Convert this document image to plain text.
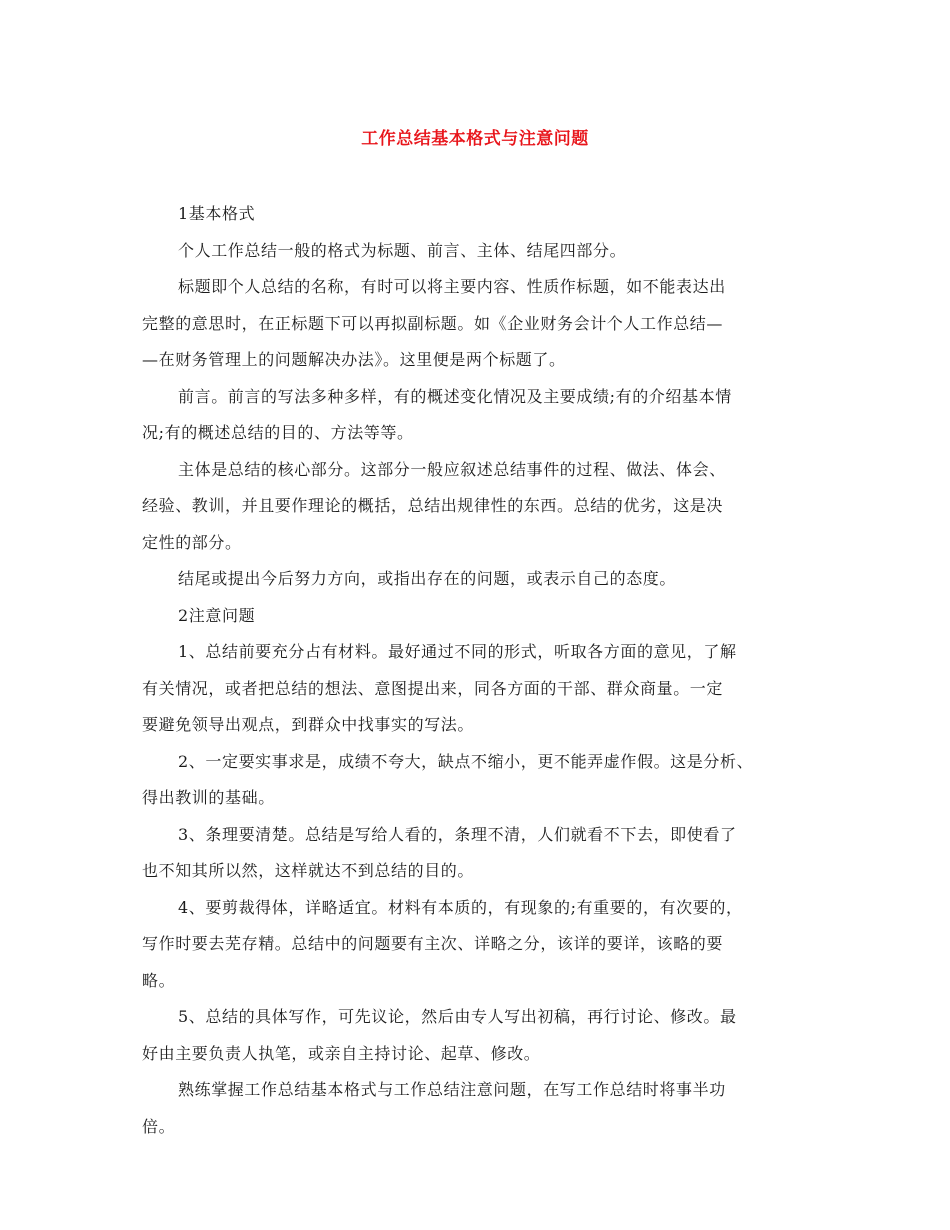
工作总结基本格式与注意问题
1基本格式
个人工作总结一般的格式为标题、前言、主体、结尾四部分。
标题即个人总结的名称，有时可以将主要内容、性质作标题，如不能表达出
完整的意思时，在正标题下可以再拟副标题。如《企业财务会计个人工作总结—
—在财务管理上的问题解决办法》。这里便是两个标题了。
前言。前言的写法多种多样，有的概述变化情况及主要成绩;有的介绍基本情
况;有的概述总结的目的、方法等等。
主体是总结的核心部分。这部分一般应叙述总结事件的过程、做法、体会、
经验、教训，并且要作理论的概括，总结出规律性的东西。总结的优劣，这是决
定性的部分。
结尾或提出今后努力方向，或指出存在的问题，或表示自己的态度。
2注意问题
1、总结前要充分占有材料。最好通过不同的形式，听取各方面的意见，了解
有关情况，或者把总结的想法、意图提出来，同各方面的干部、群众商量。一定
要避免领导出观点，到群众中找事实的写法。
2、一定要实事求是，成绩不夸大，缺点不缩小，更不能弄虚作假。这是分析、
得出教训的基础。
3、条理要清楚。总结是写给人看的，条理不清，人们就看不下去，即使看了
也不知其所以然，这样就达不到总结的目的。
4、要剪裁得体，详略适宜。材料有本质的，有现象的;有重要的，有次要的，
写作时要去芜存精。总结中的问题要有主次、详略之分，该详的要详，该略的要
略。
5、总结的具体写作，可先议论，然后由专人写出初稿，再行讨论、修改。最
好由主要负责人执笔，或亲自主持讨论、起草、修改。
熟练掌握工作总结基本格式与工作总结注意问题，在写工作总结时将事半功
倍。
